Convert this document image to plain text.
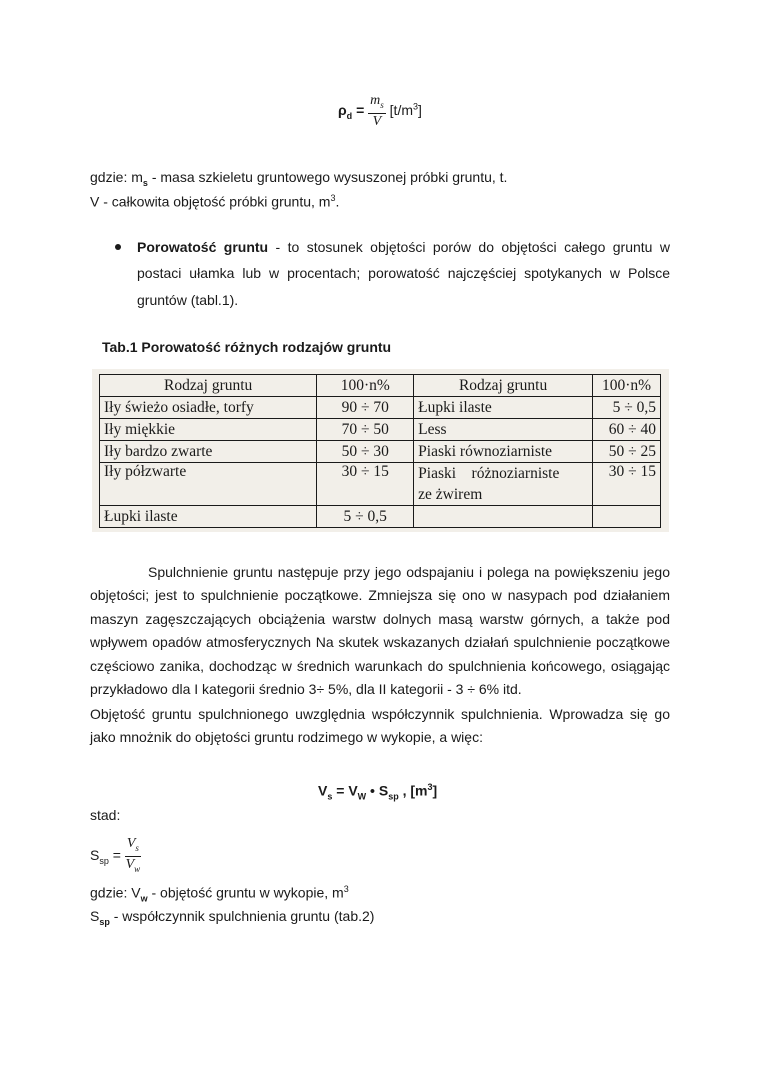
$\rho_d = \frac{m_s}{V} [t/m^3]$
gdzie: $m_s$ - masa szkieletu gruntowego wysuszonej próbki gruntu, t.
V - całkowita objętość próbki gruntu, $m^3$.
Porowatość gruntu - to stosunek objętości porów do objętości całego gruntu w
postaci ułamka lub w procentach; porowatość najczęściej spotykanych w Polsce
gruntów (tabl.1).
Tab.1 Porowatość różnych rodzajów gruntu
Rodzaj gruntu	100·n%	Rodzaj gruntu	100·n%
Iły świeżo osiadłe, torfy	90 ÷ 70	Łupki ilaste	5 ÷ 0,5
Iły miękkie	70 ÷ 50	Less	60 ÷ 40
Iły bardzo zwarte	50 ÷ 30	Piaski równoziarniste	50 ÷ 25
Iły półzwarte	30 ÷ 15	Piaski    różnoziarniste	30 ÷ 15
		ze żwirem	
Łupki ilaste	5 ÷ 0,5		
Spulchnienie gruntu następuje przy jego odspajaniu i polega na powiększeniu jego
objętości; jest to spulchnienie początkowe. Zmniejsza się ono w nasypach pod działaniem
maszyn zagęszczających obciążenia warstw dolnych masą warstw górnych, a także pod
wpływem opadów atmosferycznych Na skutek wskazanych działań spulchnienie początkowe
częściowo zanika, dochodząc w średnich warunkach do spulchnienia końcowego, osiągając
przykładowo dla I kategorii średnio 3÷ 5%, dla II kategorii - 3 ÷ 6% itd.
Objętość gruntu spulchnionego uwzględnia współczynnik spulchnienia. Wprowadza się go
jako mnożnik do objętości gruntu rodzimego w wykopie, a więc:
$V_s = V_W$ • $S_{sp}$ , $[m^3]$
stad:
$S_{sp} = \frac{V_s}{V_w}$
gdzie: $V_w$ - objętość gruntu w wykopie, $m^3$
$S_{sp}$ - współczynnik spulchnienia gruntu (tab.2)
